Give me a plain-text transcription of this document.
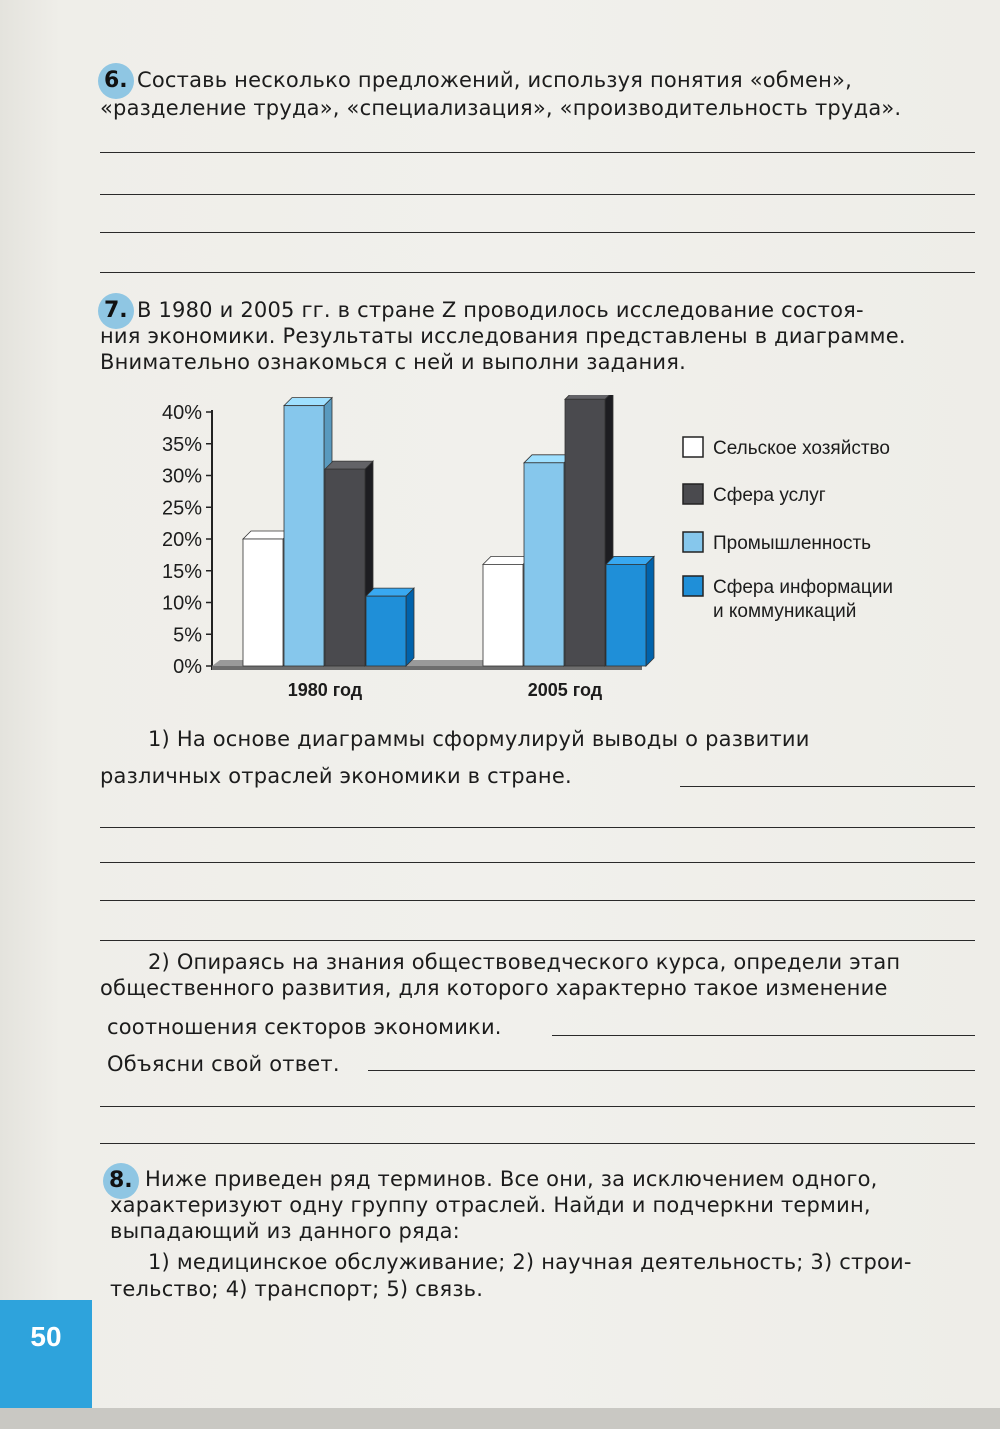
6. Составь несколько предложений, используя понятия «обмен»,
«разделение труда», «специализация», «производительность труда».
7. В 1980 и 2005 гг. в стране Z проводилось исследование состоя-
ния экономики. Результаты исследования представлены в диаграмме.
Внимательно ознакомься с ней и выполни задания.
0%
5%
10%
15%
20%
25%
30%
35%
40%
1980 год	2005 год
Сельское хозяйство
Сфера услуг
Промышленность
Сфера информации
и коммуникаций
1) На основе диаграммы сформулируй выводы о развитии
различных отраслей экономики в стране.
2) Опираясь на знания обществоведческого курса, определи этап
общественного развития, для которого характерно такое изменение
соотношения секторов экономики.
Объясни свой ответ.
8. Ниже приведен ряд терминов. Все они, за исключением одного,
характеризуют одну группу отраслей. Найди и подчеркни термин,
выпадающий из данного ряда:
1) медицинское обслуживание; 2) научная деятельность; 3) строи-
тельство; 4) транспорт; 5) связь.
50
